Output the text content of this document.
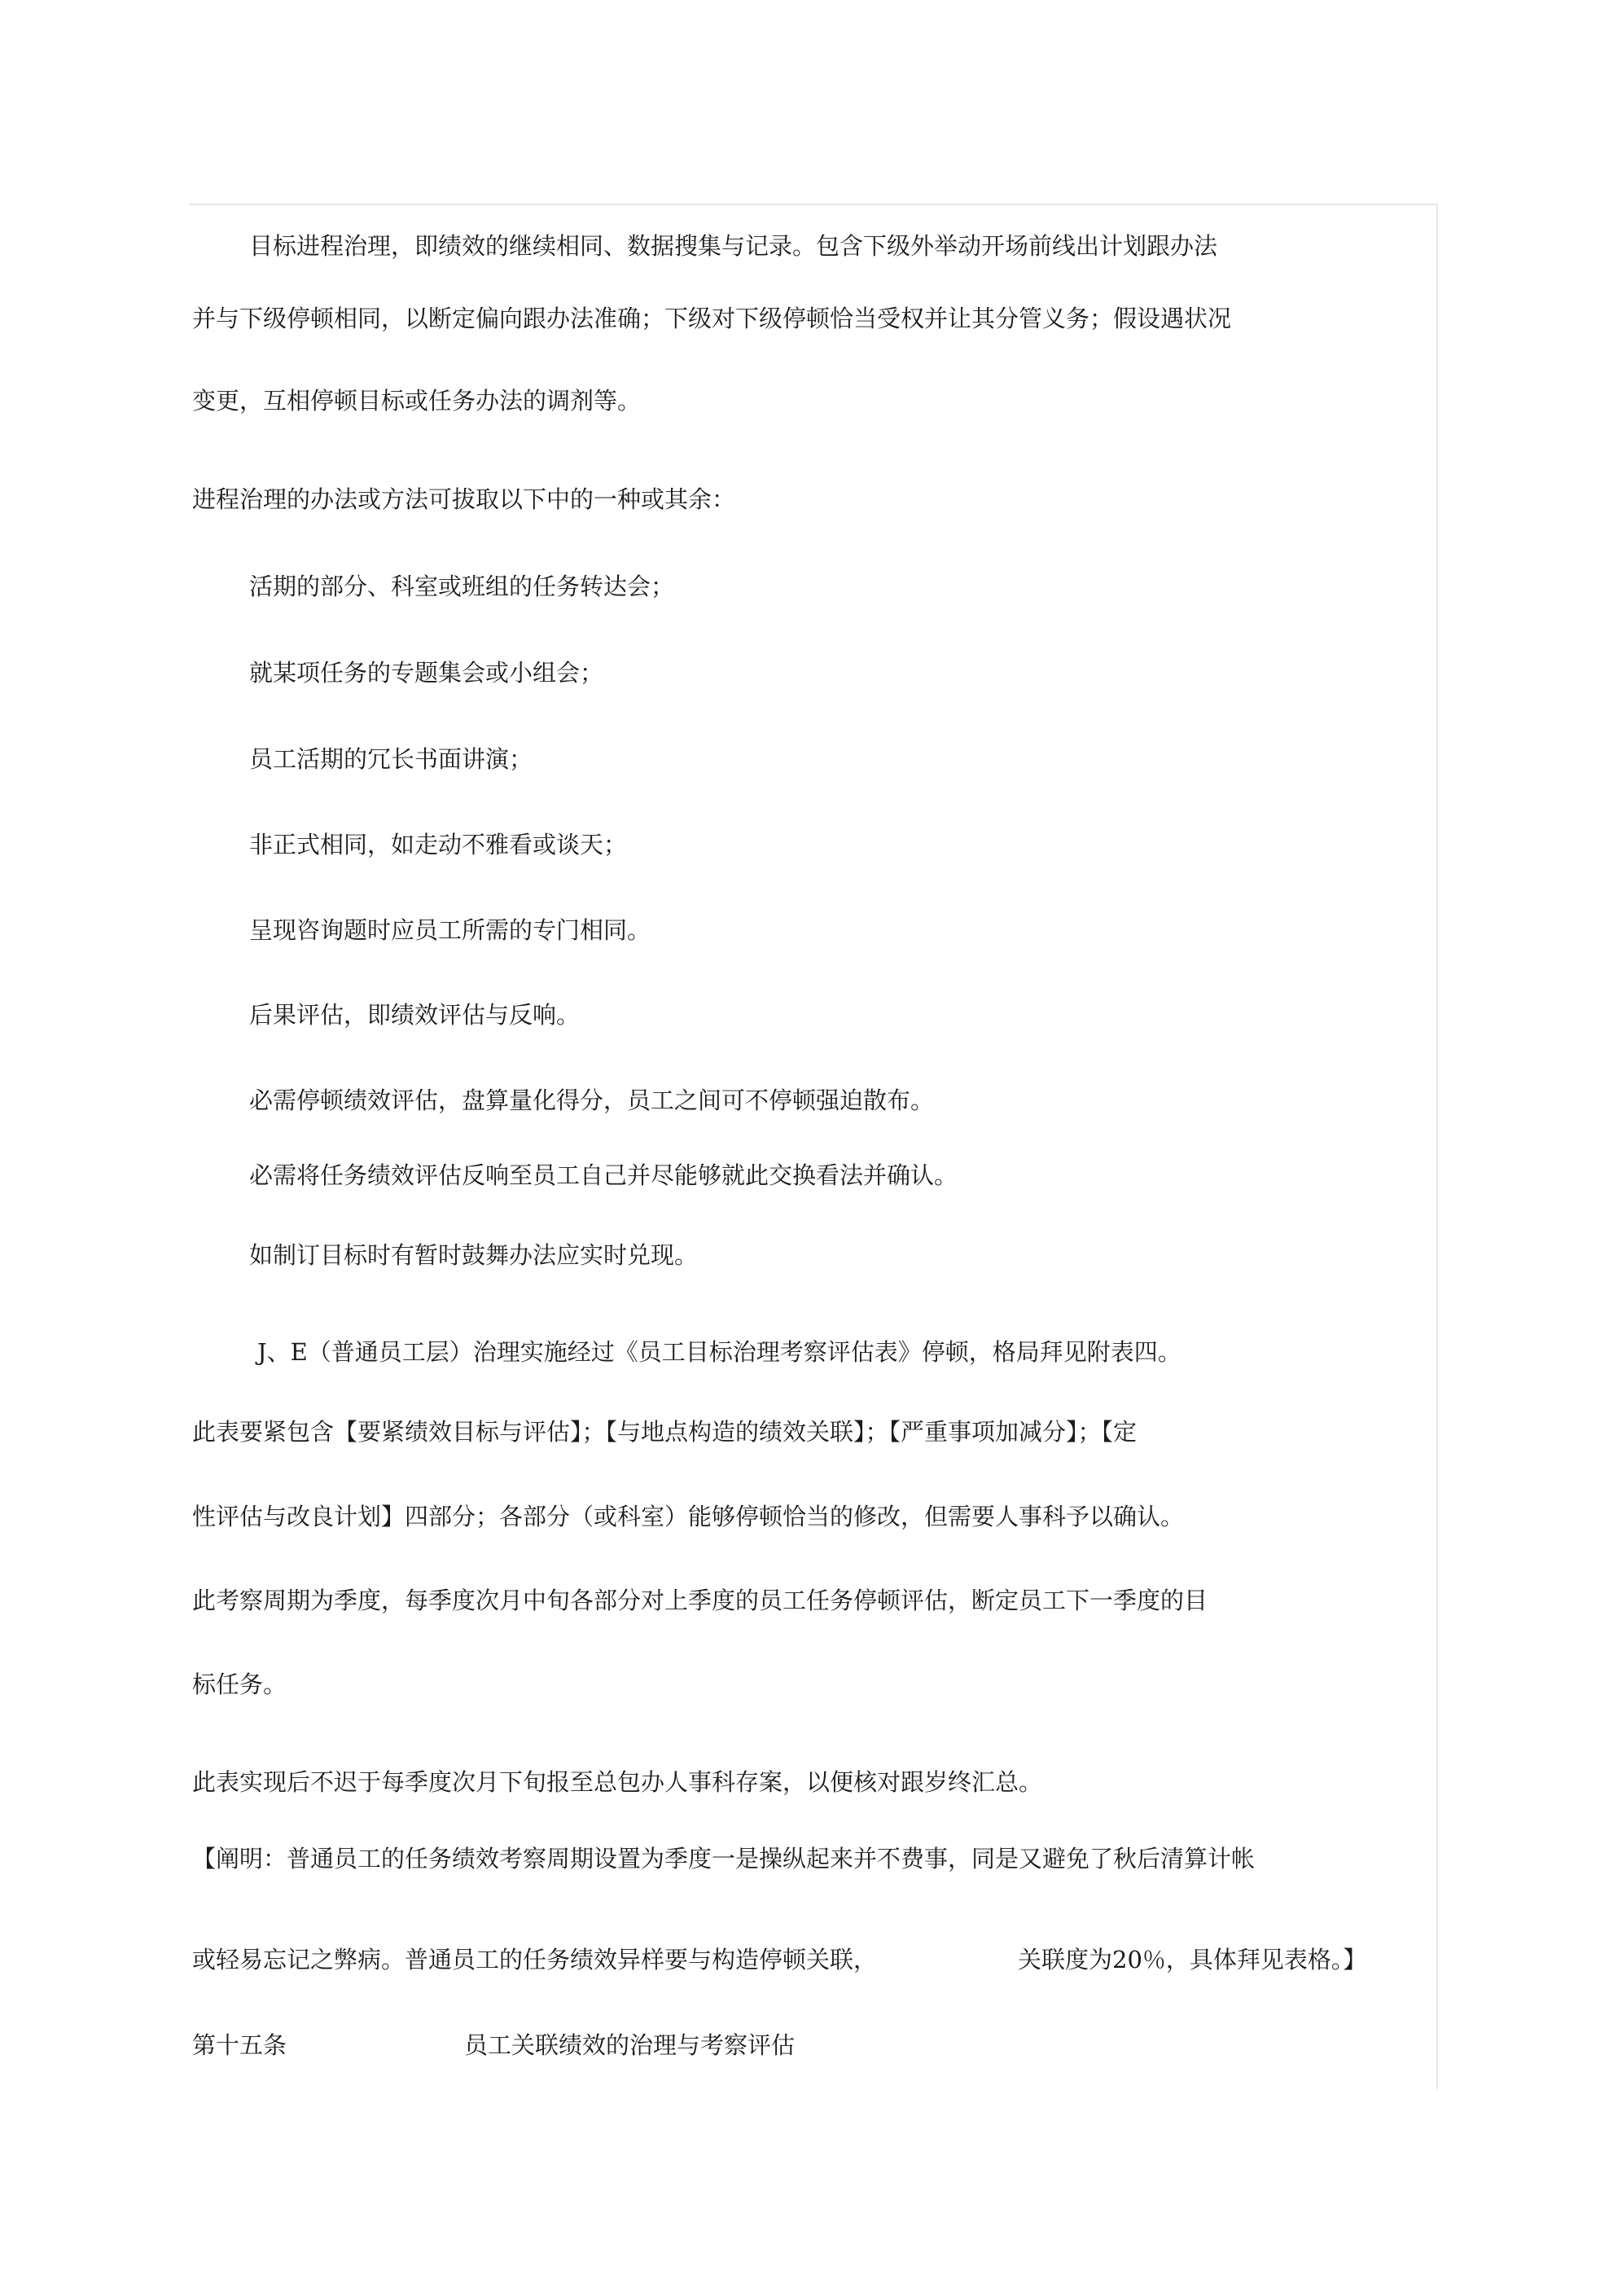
目标进程治理，即绩效的继续相同、数据搜集与记录。包含下级外举动开场前线出计划跟办法
并与下级停顿相同，以断定偏向跟办法准确；下级对下级停顿恰当受权并让其分管义务；假设遇状况
变更，互相停顿目标或任务办法的调剂等。
进程治理的办法或方法可拔取以下中的一种或其余：
活期的部分、科室或班组的任务转达会；
就某项任务的专题集会或小组会；
员工活期的冗长书面讲演；
非正式相同，如走动不雅看或谈天；
呈现咨询题时应员工所需的专门相同。
后果评估，即绩效评估与反响。
必需停顿绩效评估，盘算量化得分，员工之间可不停顿强迫散布。
必需将任务绩效评估反响至员工自己并尽能够就此交换看法并确认。
如制订目标时有暂时鼓舞办法应实时兑现。
J、E（普通员工层）治理实施经过《员工目标治理考察评估表》停顿，格局拜见附表四。
此表要紧包含【要紧绩效目标与评估】；【与地点构造的绩效关联】；【严重事项加减分】；【定
性评估与改良计划】四部分；各部分（或科室）能够停顿恰当的修改，但需要人事科予以确认。
此考察周期为季度，每季度次月中旬各部分对上季度的员工任务停顿评估，断定员工下一季度的目
标任务。
此表实现后不迟于每季度次月下旬报至总包办人事科存案，以便核对跟岁终汇总。
【阐明：普通员工的任务绩效考察周期设置为季度一是操纵起来并不费事，同是又避免了秋后清算计帐
或轻易忘记之弊病。普通员工的任务绩效异样要与构造停顿关联，	关联度为20％，具体拜见表格。】
第十五条	员工关联绩效的治理与考察评估
